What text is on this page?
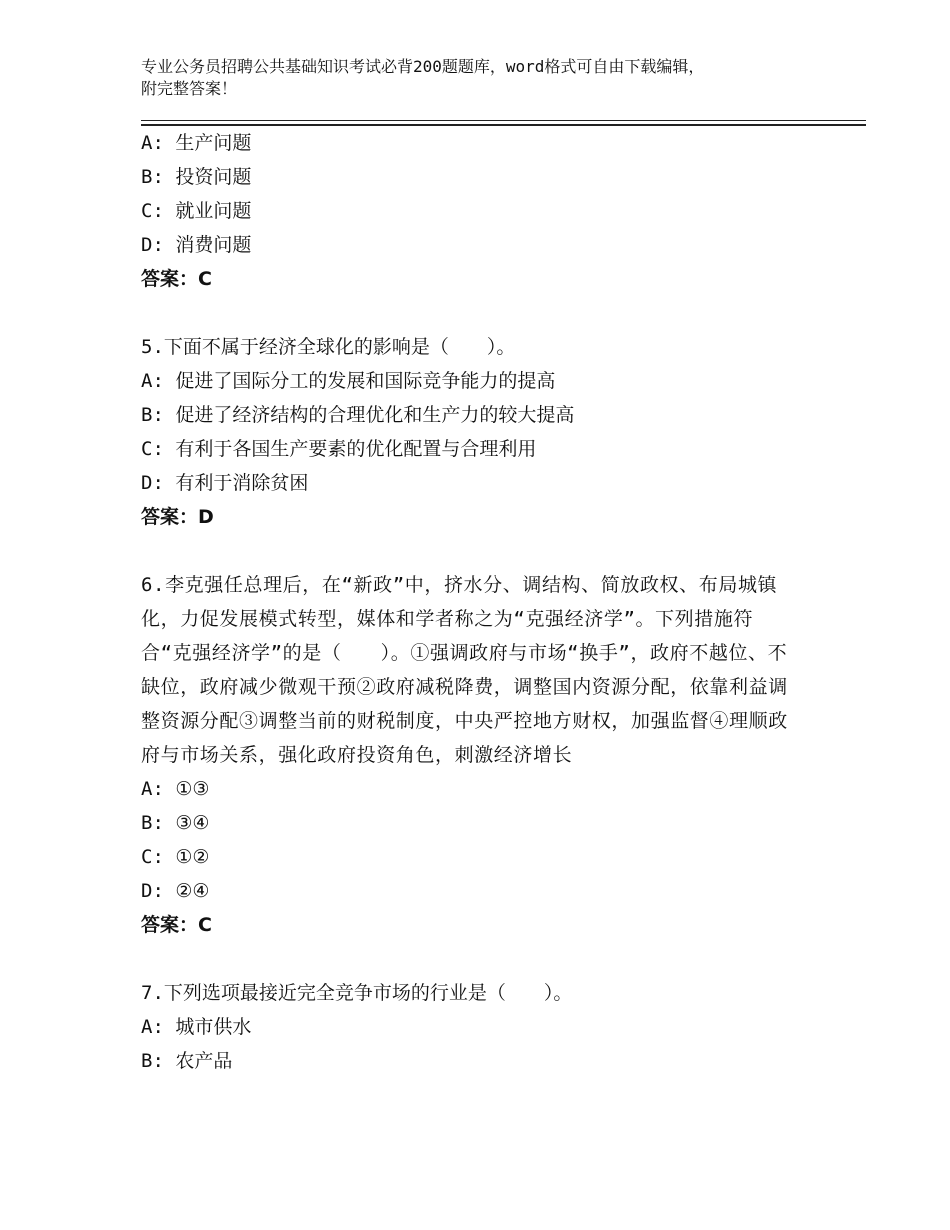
专业公务员招聘公共基础知识考试必背200题题库，word格式可自由下载编辑，
附完整答案！
A: 生产问题
B: 投资问题
C: 就业问题
D: 消费问题
答案：C
5.下面不属于经济全球化的影响是（　　）。
A: 促进了国际分工的发展和国际竞争能力的提高
B: 促进了经济结构的合理优化和生产力的较大提高
C: 有利于各国生产要素的优化配置与合理利用
D: 有利于消除贫困
答案：D
6.李克强任总理后，在“新政”中，挤水分、调结构、简放政权、布局城镇化，力促发展模式转型，媒体和学者称之为“克强经济学”。下列措施符合“克强经济学”的是（　　）。①强调政府与市场“换手”，政府不越位、不缺位，政府减少微观干预②政府减税降费，调整国内资源分配，依靠利益调整资源分配③调整当前的财税制度，中央严控地方财权，加强监督④理顺政府与市场关系，强化政府投资角色，刺激经济增长
A: ①③
B: ③④
C: ①②
D: ②④
答案：C
7.下列选项最接近完全竞争市场的行业是（　　）。
A: 城市供水
B: 农产品
